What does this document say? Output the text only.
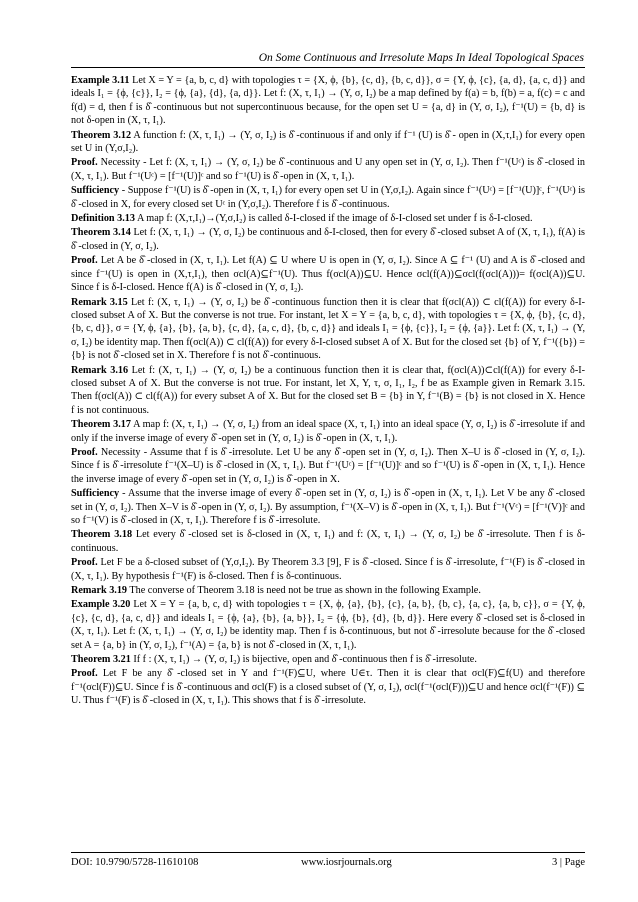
On Some Continuous and Irresolute Maps In Ideal Topological Spaces

Example 3.11 Let X = Y = {a, b, c, d} with topologies τ = {X, ϕ, {b}, {c, d}, {b, c, d}}, σ = {Y, ϕ, {c}, {a, d}, {a, c, d}} and ideals I₁ = {ϕ, {c}}, I₂ = {ϕ, {a}, {d}, {a, d}}. Let f: (X, τ, I₁) → (Y, σ, I₂) be a map defined by f(a) = b, f(b) = a, f(c) = c and f(d) = d, then f is δ̂ -continuous but not supercontinuous because, for the open set U = {a, d} in (Y, σ, I₂), f⁻¹(U) = {b, d} is not δ-open in (X, τ, I₁).

Theorem 3.12 A function f: (X, τ, I₁) → (Y, σ, I₂) is δ̂ -continuous if and only if f⁻¹ (U) is δ̂ - open in (X,τ,I₁) for every open set U in (Y,σ,I₂).

Proof. Necessity - Let f: (X, τ, I₁) → (Y, σ, I₂) be δ̂ -continuous and U any open set in (Y, σ, I₂). Then f⁻¹(Uᶜ) is δ̂ -closed in (X, τ, I₁). But f⁻¹(Uᶜ) = [f⁻¹(U)]ᶜ and so f⁻¹(U) is δ̂ -open in (X, τ, I₁).

Sufficiency - Suppose f⁻¹(U) is δ̂ -open in (X, τ, I₁) for every open set U in (Y,σ,I₂). Again since f⁻¹(Uᶜ) = [f⁻¹(U)]ᶜ, f⁻¹(Uᶜ) is δ̂ -closed in X, for every closed set Uᶜ in (Y,σ,I₂). Therefore f is δ̂ -continuous.

Definition 3.13 A map f: (X,τ,I₁)→(Y,σ,I₂) is called δ-I-closed if the image of δ-I-closed set under f is δ-I-closed.

Theorem 3.14 Let f: (X, τ, I₁) → (Y, σ, I₂) be continuous and δ-I-closed, then for every δ̂ -closed subset A of (X, τ, I₁), f(A) is δ̂ -closed in (Y, σ, I₂).

Proof. Let A be δ̂ -closed in (X, τ, I₁). Let f(A) ⊆ U where U is open in (Y, σ, I₂). Since A ⊆ f⁻¹ (U) and A is δ̂ -closed and since f⁻¹(U) is open in (X,τ,I₁), then σcl(A)⊆f⁻¹(U). Thus f(σcl(A))⊆U. Hence σcl(f(A))⊆σcl(f(σcl(A)))= f(σcl(A))⊆U. Since f is δ-I-closed. Hence f(A) is δ̂ -closed in (Y, σ, I₂).

Remark 3.15 Let f: (X, τ, I₁) → (Y, σ, I₂) be δ̂ -continuous function then it is clear that f(σcl(A)) ⊂ cl(f(A)) for every δ-I-closed subset A of X. But the converse is not true. For instant, let X = Y = {a, b, c, d}, with topologies τ = {X, ϕ, {b}, {c, d}, {b, c, d}}, σ = {Y, ϕ, {a}, {b}, {a, b}, {c, d}, {a, c, d}, {b, c, d}} and ideals I₁ = {ϕ, {c}}, I₂ = {ϕ, {a}}. Let f: (X, τ, I₁) → (Y, σ, I₂) be identity map. Then f(σcl(A)) ⊂ cl(f(A)) for every δ-I-closed subset A of X. But for the closed set {b} of Y, f⁻¹({b}) = {b} is not δ̂ -closed set in X. Therefore f is not δ̂ -continuous.

Remark 3.16 Let f: (X, τ, I₁) → (Y, σ, I₂) be a continuous function then it is clear that, f(σcl(A))⊂cl(f(A)) for every δ-I-closed subset A of X. But the converse is not true. For instant, let X, Y, τ, σ, I₁, I₂, f be as Example given in Remark 3.15. Then f(σcl(A)) ⊂ cl(f(A)) for every subset A of X. But for the closed set B = {b} in Y, f⁻¹(B) = {b} is not closed in X. Hence f is not continuous.

Theorem 3.17 A map f: (X, τ, I₁) → (Y, σ, I₂) from an ideal space (X, τ, I₁) into an ideal space (Y, σ, I₂) is δ̂ -irresolute if and only if the inverse image of every δ̂ -open set in (Y, σ, I₂) is δ̂ -open in (X, τ, I₁).

Proof. Necessity - Assume that f is δ̂ -irresolute. Let U be any δ̂ -open set in (Y, σ, I₂). Then X–U is δ̂ -closed in (Y, σ, I₂). Since f is δ̂ -irresolute f⁻¹(X–U) is δ̂ -closed in (X, τ, I₁). But f⁻¹(Uᶜ) = [f⁻¹(U)]ᶜ and so f⁻¹(U) is δ̂ -open in (X, τ, I₁). Hence the inverse image of every δ̂ -open set in (Y, σ, I₂) is δ̂ -open in X.

Sufficiency - Assume that the inverse image of every δ̂ -open set in (Y, σ, I₂) is δ̂ -open in (X, τ, I₁). Let V be any δ̂ -closed set in (Y, σ, I₂). Then X–V is δ̂ -open in (Y, σ, I₂). By assumption, f⁻¹(X–V) is δ̂ -open in (X, τ, I₁). But f⁻¹(Vᶜ) = [f⁻¹(V)]ᶜ and so f⁻¹(V) is δ̂ -closed in (X, τ, I₁). Therefore f is δ̂ -irresolute.

Theorem 3.18 Let every δ̂ -closed set is δ-closed in (X, τ, I₁) and f: (X, τ, I₁) → (Y, σ, I₂) be δ̂ -irresolute. Then f is δ-continuous.

Proof. Let F be a δ-closed subset of (Y,σ,I₂). By Theorem 3.3 [9], F is δ̂ -closed. Since f is δ̂ -irresolute, f⁻¹(F) is δ̂ -closed in (X, τ, I₁). By hypothesis f⁻¹(F) is δ-closed. Then f is δ-continuous.

Remark 3.19 The converse of Theorem 3.18 is need not be true as shown in the following Example.

Example 3.20 Let X = Y = {a, b, c, d} with topologies τ = {X, ϕ, {a}, {b}, {c}, {a, b}, {b, c}, {a, c}, {a, b, c}}, σ = {Y, ϕ, {c}, {c, d}, {a, c, d}} and ideals I₁ = {ϕ, {a}, {b}, {a, b}}, I₂ = {ϕ, {b}, {d}, {b, d}}. Here every δ̂ -closed set is δ-closed in (X, τ, I₁). Let f: (X, τ, I₁) → (Y, σ, I₂) be identity map. Then f is δ-continuous, but not δ̂ -irresolute because for the δ̂ -closed set A = {a, b} in (Y, σ, I₂), f⁻¹(A) = {a, b} is not δ̂ -closed in (X, τ, I₁).

Theorem 3.21 If f : (X, τ, I₁) → (Y, σ, I₂) is bijective, open and δ̂ -continuous then f is δ̂ -irresolute.

Proof. Let F be any δ̂ -closed set in Y and f⁻¹(F)⊆U, where U∈τ. Then it is clear that σcl(F)⊆f(U) and therefore f⁻¹(σcl(F))⊆U. Since f is δ̂ -continuous and σcl(F) is a closed subset of (Y, σ, I₂), σcl(f⁻¹(σcl(F)))⊆U and hence σcl(f⁻¹(F)) ⊆ U. Thus f⁻¹(F) is δ̂ -closed in (X, τ, I₁). This shows that f is δ̂ -irresolute.

DOI: 10.9790/5728-11610108	www.iosrjournals.org	3 | Page
